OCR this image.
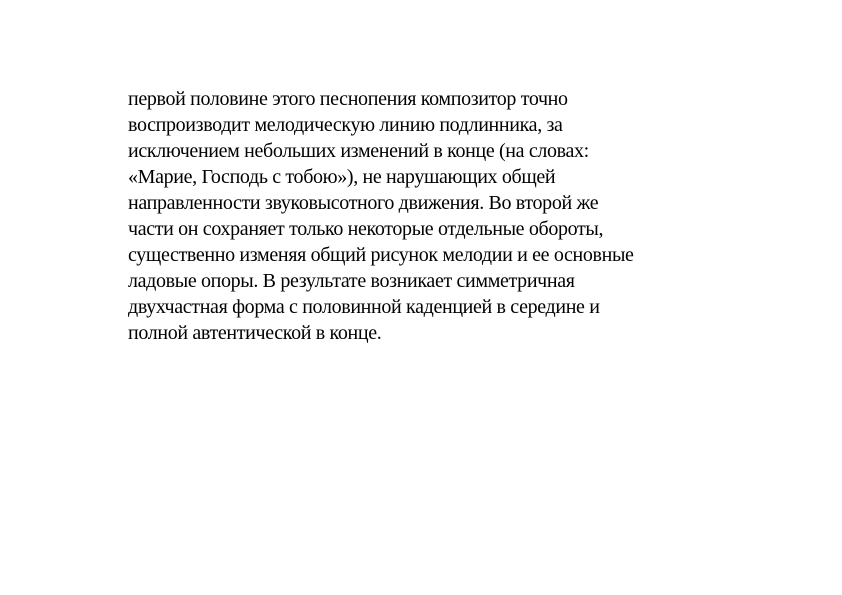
первой половине этого песнопения композитор точно
воспроизводит мелодическую линию подлинника, за
исключением небольших изменений в конце (на словах:
«Марие, Господь с тобою»), не нарушающих общей
направленности звуковысотного движения. Во второй же
части он сохраняет только некоторые отдельные обороты,
существенно изменяя общий рисунок мелодии и ее основные
ладовые опоры. В результате возникает симметричная
двухчастная форма с половинной каденцией в середине и
полной автентической в конце.
